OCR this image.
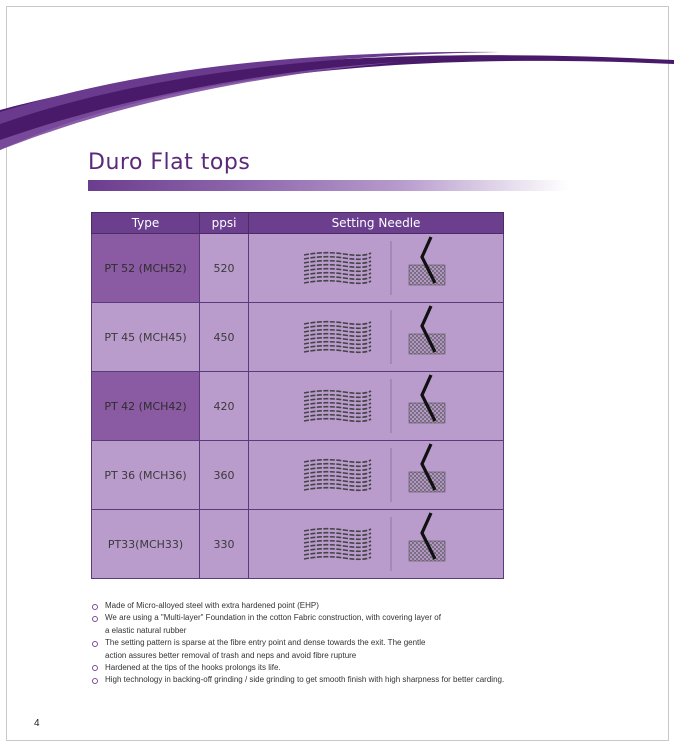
Duro Flat tops
Type	ppsi	Setting Needle
PT 52 (MCH52)	520	

PT 45 (MCH45)	450	

PT 42 (MCH42)	420	

PT 36 (MCH36)	360	

PT33(MCH33)	330	
Made of Micro-alloyed steel with extra hardened point (EHP)
We are using a "Multi-layer" Foundation in the cotton Fabric construction, with covering layer of
a elastic natural rubber
The setting pattern is sparse at the fibre entry point and dense towards the exit. The gentle
action assures better removal of trash and neps and avoid fibre rupture
Hardened at the tips of the hooks prolongs its life.
High technology in backing-off grinding / side grinding to get smooth finish with high sharpness for better carding.
4
